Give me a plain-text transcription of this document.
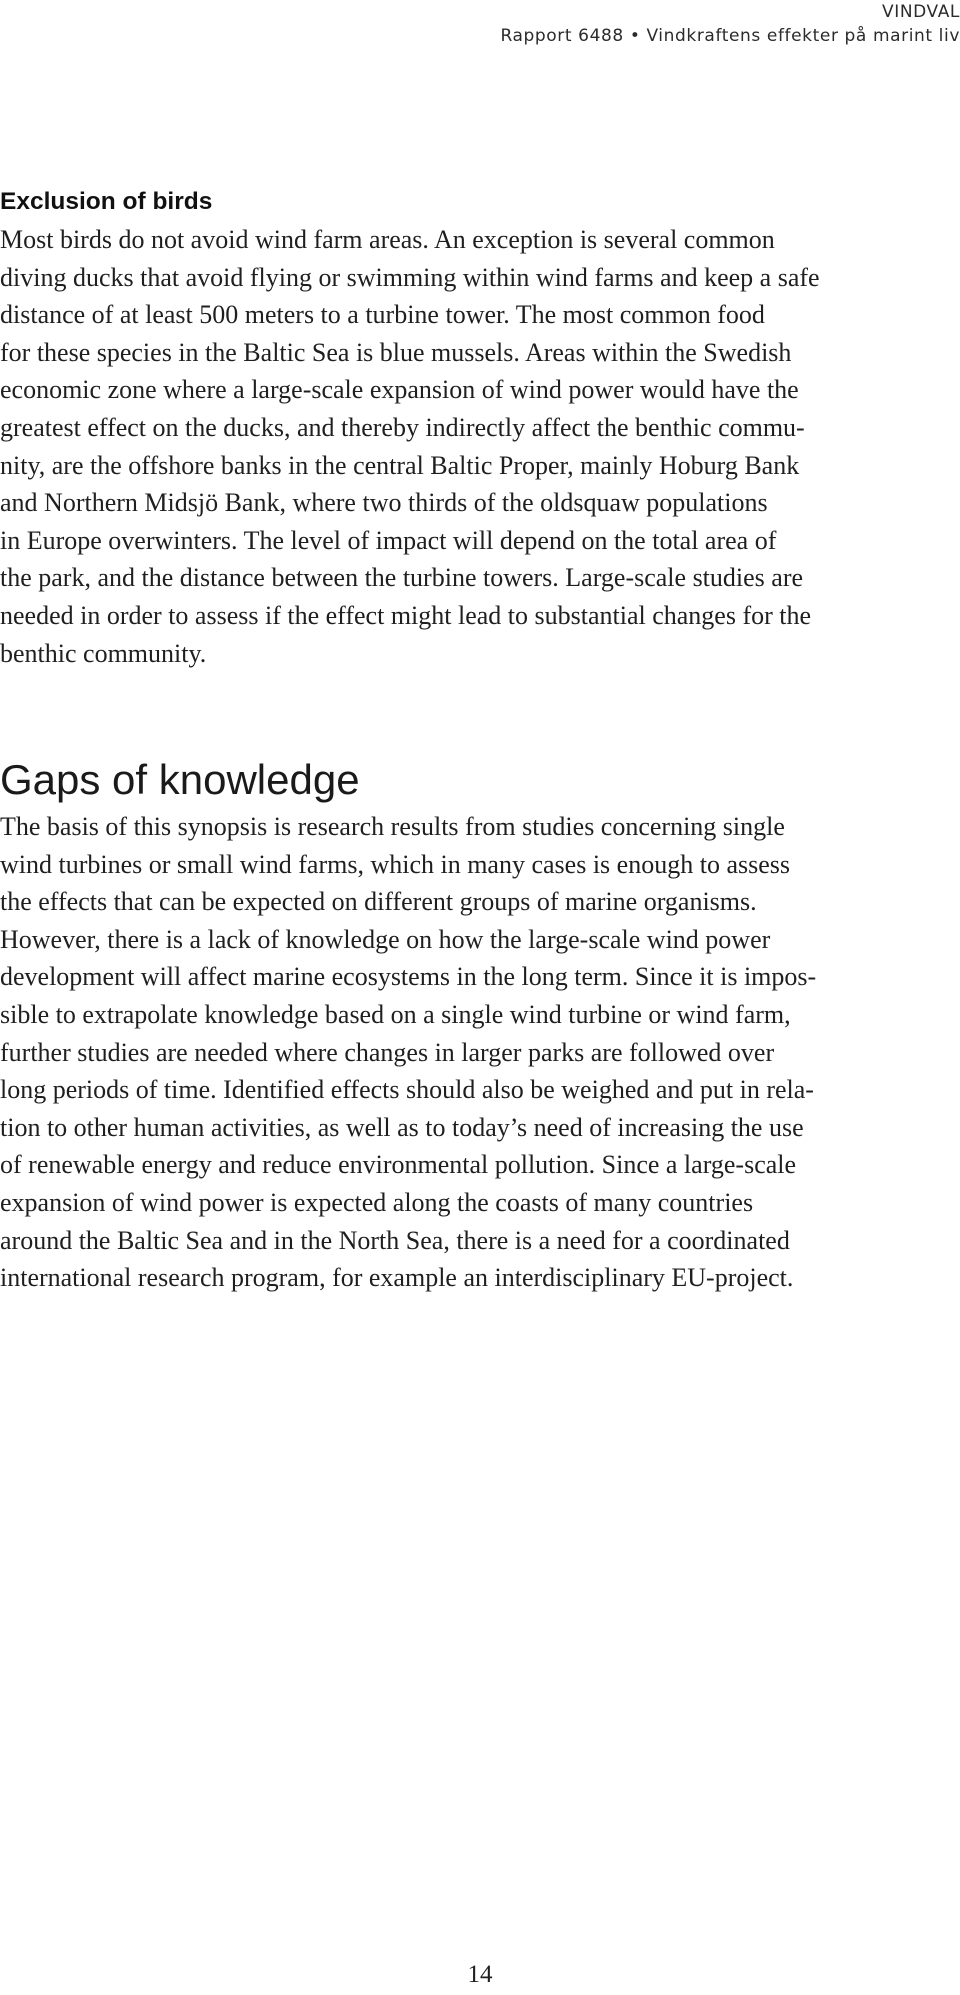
VINDVAL
Rapport 6488 • Vindkraftens effekter på marint liv
Exclusion of birds

Most birds do not avoid wind farm areas. An exception is several common
diving ducks that avoid flying or swimming within wind farms and keep a safe
distance of at least 500 meters to a turbine tower. The most common food
for these species in the Baltic Sea is blue mussels. Areas within the Swedish
economic zone where a large-scale expansion of wind power would have the
greatest effect on the ducks, and thereby indirectly affect the benthic commu-
nity, are the offshore banks in the central Baltic Proper, mainly Hoburg Bank
and Northern Midsjö Bank, where two thirds of the oldsquaw populations
in Europe overwinters. The level of impact will depend on the total area of
the park, and the distance between the turbine towers. Large-scale studies are
needed in order to assess if the effect might lead to substantial changes for the
benthic community.

Gaps of knowledge

The basis of this synopsis is research results from studies concerning single
wind turbines or small wind farms, which in many cases is enough to assess
the effects that can be expected on different groups of marine organisms.
However, there is a lack of knowledge on how the large-scale wind power
development will affect marine ecosystems in the long term. Since it is impos-
sible to extrapolate knowledge based on a single wind turbine or wind farm,
further studies are needed where changes in larger parks are followed over
long periods of time. Identified effects should also be weighed and put in rela-
tion to other human activities, as well as to today’s need of increasing the use
of renewable energy and reduce environmental pollution. Since a large-scale
expansion of wind power is expected along the coasts of many countries
around the Baltic Sea and in the North Sea, there is a need for a coordinated
international research program, for example an interdisciplinary EU-project.

14
